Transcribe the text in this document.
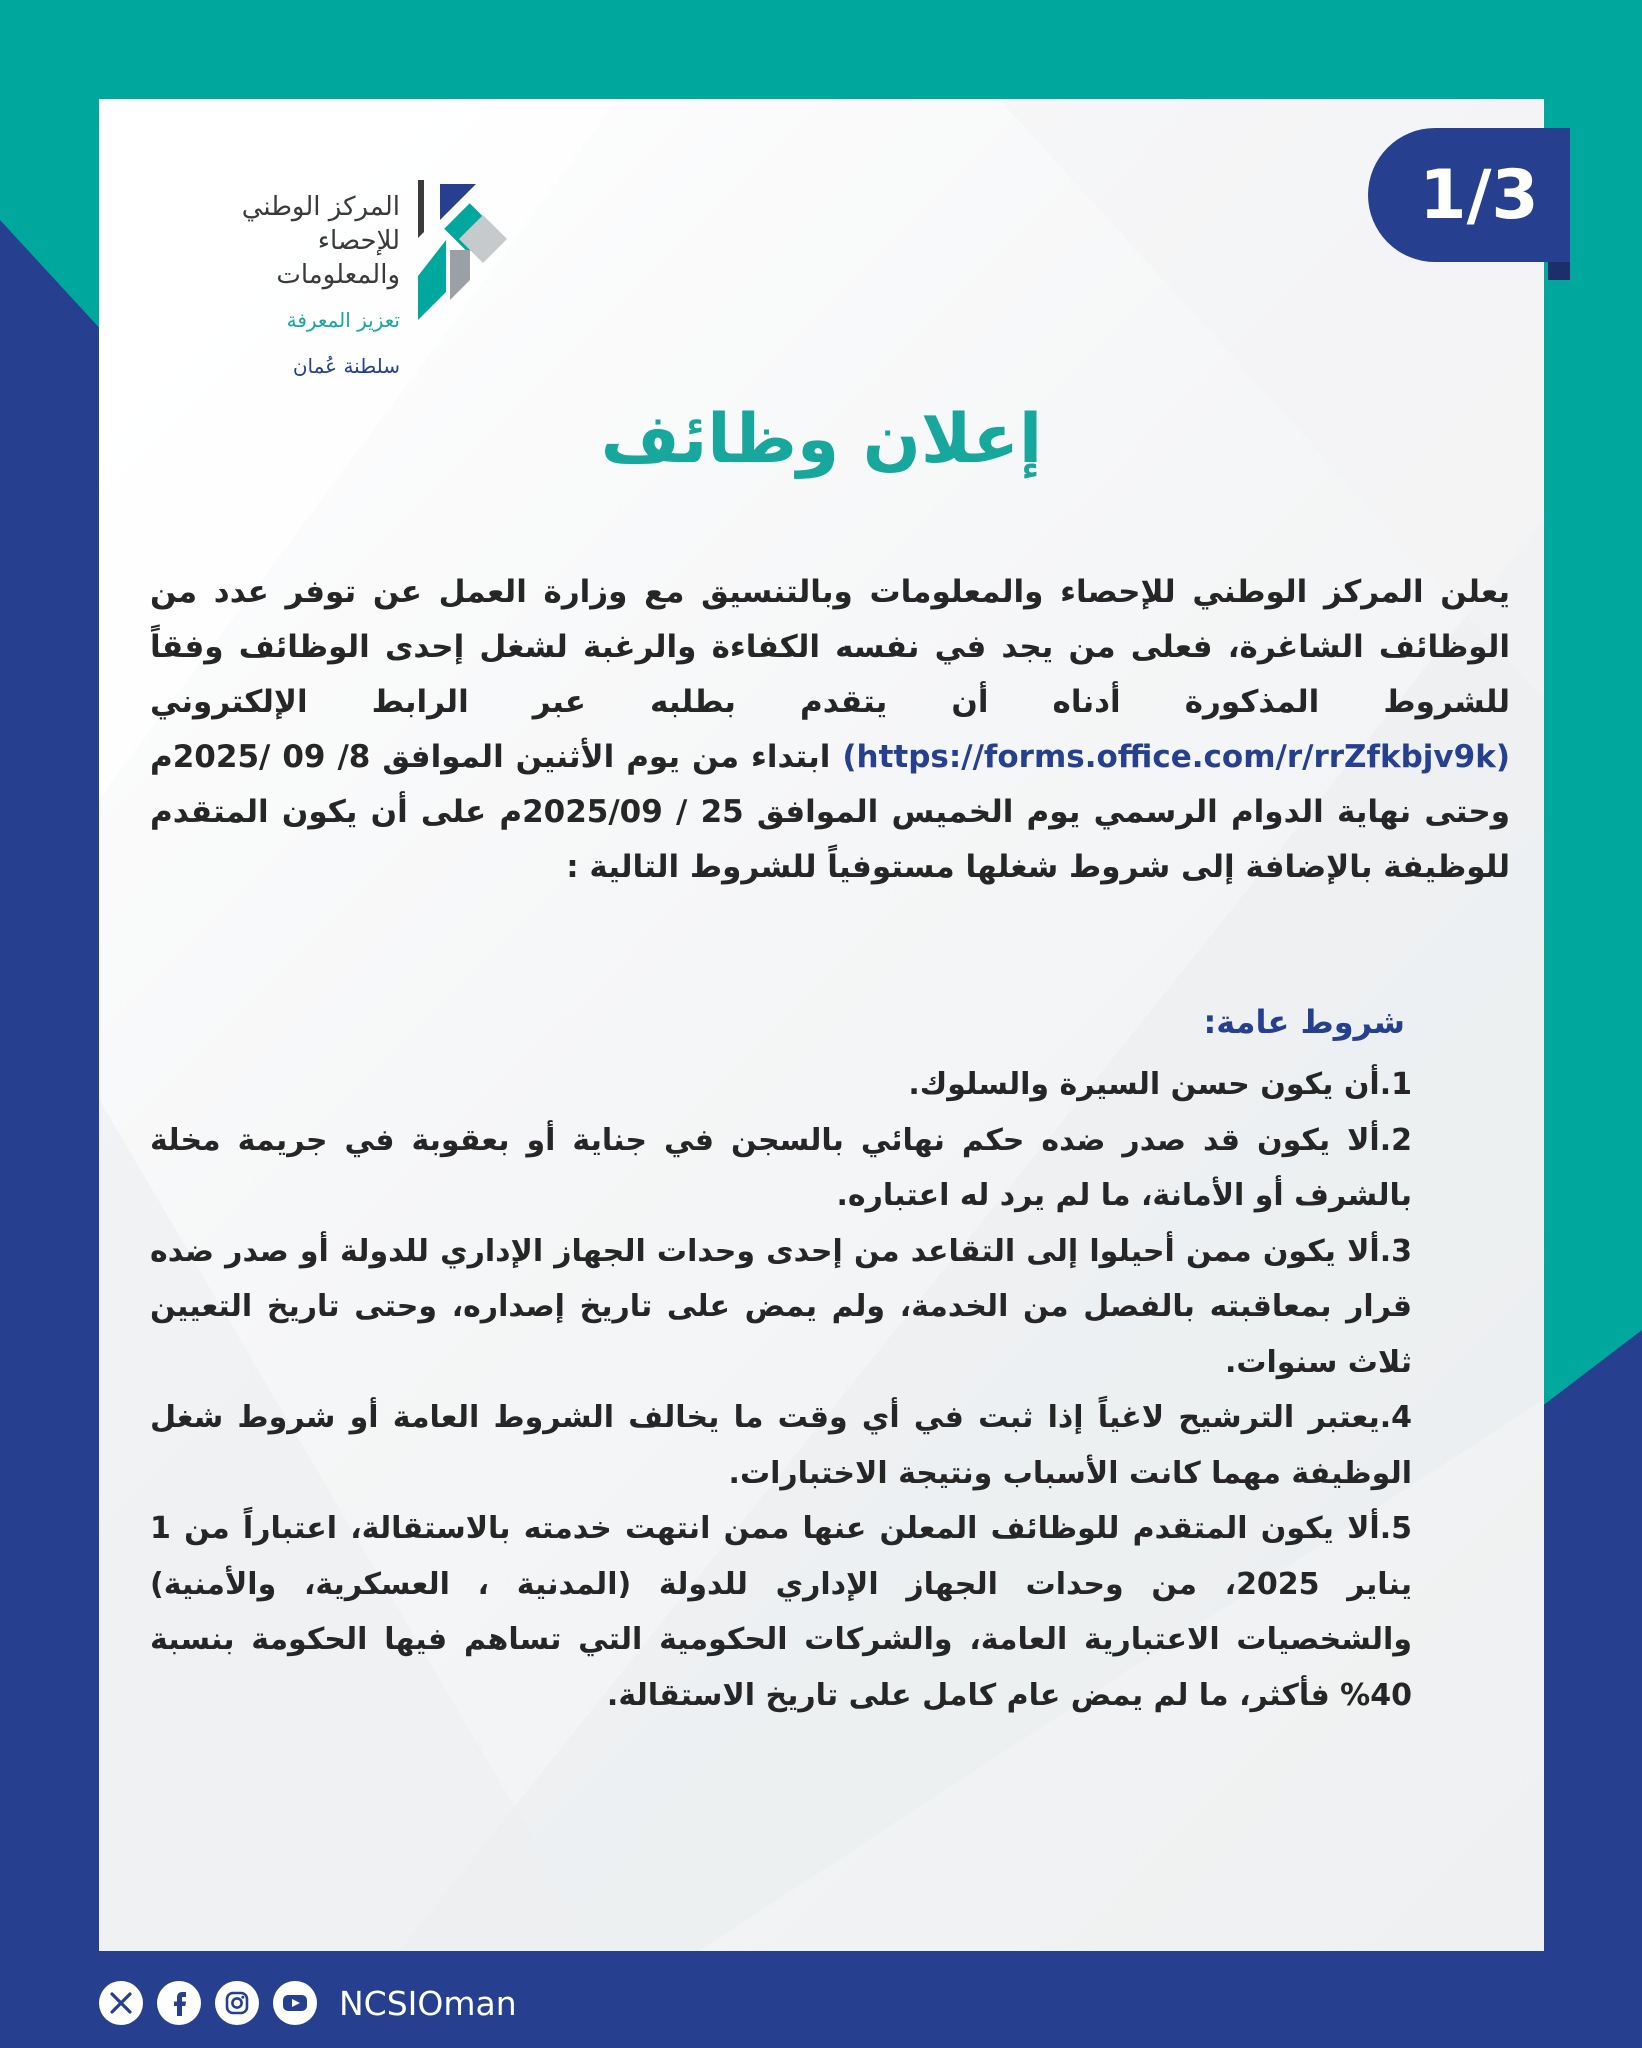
1/3
المركز الوطني
للإحصاء
والمعلومات
تعزيز المعرفة
سلطنة عُمان
إعلان وظائف

يعلن المركز الوطني للإحصاء والمعلومات وبالتنسيق مع وزارة العمل عن توفر عدد من الوظائف الشاغرة، فعلى من يجد في نفسه الكفاءة والرغبة لشغل إحدى الوظائف وفقاً للشروط المذكورة أدناه أن يتقدم بطلبه عبر الرابط الإلكتروني (https://forms.office.com/r/rrZfkbjv9k) ابتداء من يوم الأثنين الموافق 8/ 09 /2025م وحتى نهاية الدوام الرسمي يوم الخميس الموافق 25 / 2025/09م على أن يكون المتقدم للوظيفة بالإضافة إلى شروط شغلها مستوفياً للشروط التالية :

شروط عامة:
1.أن يكون حسن السيرة والسلوك.
2.ألا يكون قد صدر ضده حكم نهائي بالسجن في جناية أو بعقوبة في جريمة مخلة بالشرف أو الأمانة، ما لم يرد له اعتباره.
3.ألا يكون ممن أحيلوا إلى التقاعد من إحدى وحدات الجهاز الإداري للدولة أو صدر ضده قرار بمعاقبته بالفصل من الخدمة، ولم يمض على تاريخ إصداره، وحتى تاريخ التعيين ثلاث سنوات.
4.يعتبر الترشيح لاغياً إذا ثبت في أي وقت ما يخالف الشروط العامة أو شروط شغل الوظيفة مهما كانت الأسباب ونتيجة الاختبارات.
5.ألا يكون المتقدم للوظائف المعلن عنها ممن انتهت خدمته بالاستقالة، اعتباراً من 1 يناير 2025، من وحدات الجهاز الإداري للدولة (المدنية ، العسكرية، والأمنية) والشخصيات الاعتبارية العامة، والشركات الحكومية التي تساهم فيها الحكومة بنسبة 40% فأكثر، ما لم يمض عام كامل على تاريخ الاستقالة.
NCSIOman
